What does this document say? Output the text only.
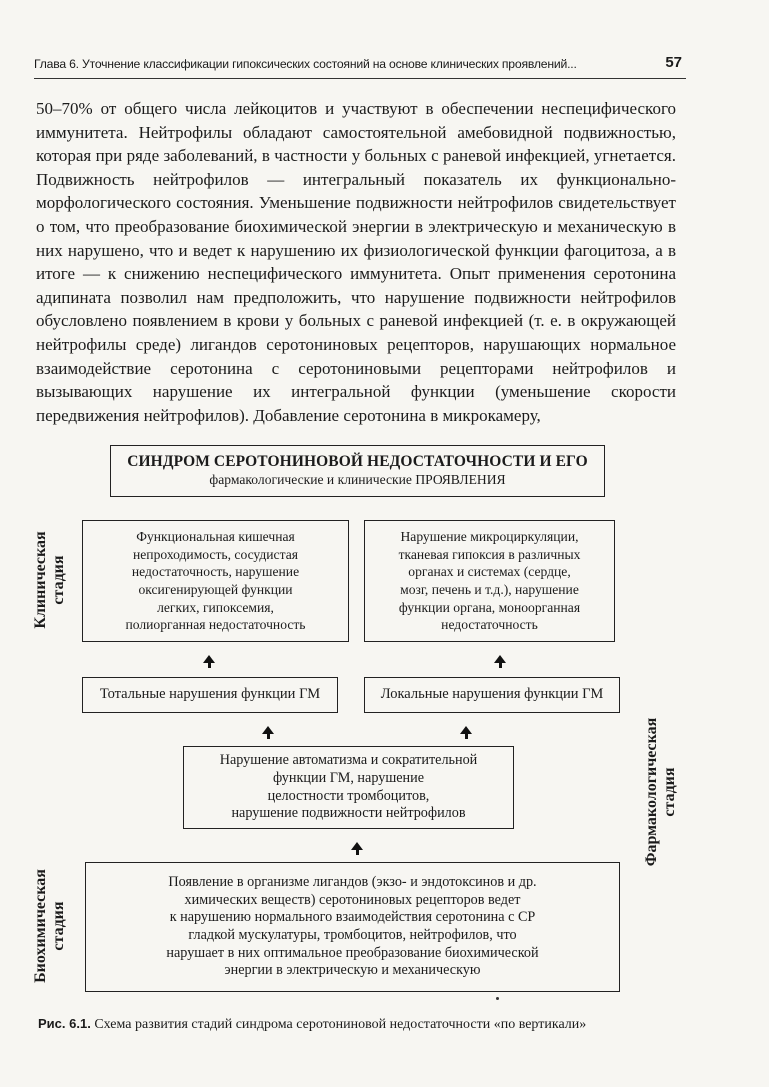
Глава 6. Уточнение классификации гипоксических состояний на основе клинических проявлений...	57
50–70% от общего числа лейкоцитов и участвуют в обеспечении неспецифического иммунитета. Нейтрофилы обладают самостоятельной амебовидной подвижностью, которая при ряде заболеваний, в частности у больных с раневой инфекцией, угнетается. Подвижность нейтрофилов — интегральный показатель их функционально-морфологического состояния. Уменьшение подвижности нейтрофилов свидетельствует о том, что преобразование биохимической энергии в электрическую и механическую в них нарушено, что и ведет к нарушению их физиологической функции фагоцитоза, а в итоге — к снижению неспецифического иммунитета. Опыт применения серотонина адипината позволил нам предположить, что нарушение подвижности нейтрофилов обусловлено появлением в крови у больных с раневой инфекцией (т. е. в окружающей нейтрофилы среде) лигандов серотониновых рецепторов, нарушающих нормальное взаимодействие серотонина с серотониновыми рецепторами нейтрофилов и вызывающих нарушение их интегральной функции (уменьшение скорости передвижения нейтрофилов). Добавление серотонина в микрокамеру,
СИНДРОМ СЕРОТОНИНОВОЙ НЕДОСТАТОЧНОСТИ И ЕГО
фармакологические и клинические ПРОЯВЛЕНИЯ
Функциональная кишечная
непроходимость, сосудистая
недостаточность, нарушение
оксигенирующей функции
легких, гипоксемия,
полиорганная недостаточность
Нарушение микроциркуляции,
тканевая гипоксия в различных
органах и системах (сердце,
мозг, печень и т.д.), нарушение
функции органа, моноорганная
недостаточность
Тотальные нарушения функции ГМ	Локальные нарушения функции ГМ
Нарушение автоматизма и сократительной
функции ГМ, нарушение
целостности тромбоцитов,
нарушение подвижности нейтрофилов
Появление в организме лигандов (экзо- и эндотоксинов и др.
химических веществ) серотониновых рецепторов ведет
к нарушению нормального взаимодействия серотонина с СР
гладкой мускулатуры, тромбоцитов, нейтрофилов, что
нарушает в них оптимальное преобразование биохимической
энергии в электрическую и механическую
Клиническая
стадия
Биохимическая
стадия
Фармакологическая
стадия
Рис. 6.1. Схема развития стадий синдрома серотониновой недостаточности «по вертикали»
